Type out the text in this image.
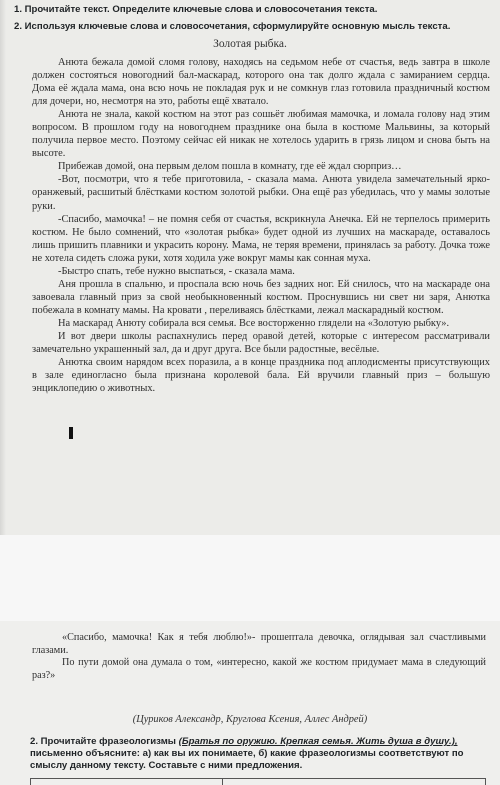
1. Прочитайте текст. Определите ключевые слова и словосочетания текста.
2. Используя ключевые слова и словосочетания, сформулируйте основную мысль текста.
Золотая рыбка.

Анюта бежала домой сломя голову, находясь на седьмом небе от счастья, ведь завтра в школе должен состояться новогодний бал-маскарад, которого она так долго ждала с замиранием сердца. Дома её ждала мама, она всю ночь не покладая рук и не сомкнув глаз готовила праздничный костюм для дочери, но, несмотря на это, работы ещё хватало.

Анюта не знала, какой костюм на этот раз сошьёт любимая мамочка, и ломала голову над этим вопросом. В прошлом году на новогоднем празднике она была в костюме Мальвины, за который получила первое место. Поэтому сейчас ей никак не хотелось ударить в грязь лицом и снова быть на высоте.

Прибежав домой, она первым делом пошла в комнату, где её ждал сюрприз…

-Вот, посмотри, что я тебе приготовила, - сказала мама. Анюта увидела замечательный ярко-оранжевый, расшитый блёстками костюм золотой рыбки. Она ещё раз убедилась, что у мамы золотые руки.

-Спасибо, мамочка! – не помня себя от счастья, вскрикнула Анечка. Ей не терпелось примерить костюм. Не было сомнений, что «золотая рыбка» будет одной из лучших на маскараде, оставалось лишь пришить плавники и украсить корону. Мама, не теряя времени, принялась за работу. Дочка тоже не хотела сидеть сложа руки, хотя ходила уже вокруг мамы как сонная муха.

-Быстро спать, тебе нужно выспаться, - сказала мама.

Аня прошла в спальню, и проспала всю ночь без задних ног. Ей снилось, что на маскараде она завоевала главный приз за свой необыкновенный костюм. Проснувшись ни свет ни заря, Анютка побежала в комнату мамы. На кровати , переливаясь блёстками, лежал маскарадный костюм.

На маскарад Анюту собирала вся семья. Все восторженно глядели на «Золотую рыбку».

И вот двери школы распахнулись перед оравой детей, которые с интересом рассматривали замечательно украшенный зал, да и друг друга. Все были радостные, весёлые.

Анютка своим нарядом всех поразила, а в конце праздника под аплодисменты присутствующих в зале единогласно была признана королевой бала. Ей вручили главный приз – большую энциклопедию о животных.

«Спасибо, мамочка! Как я тебя люблю!»- прошептала девочка, оглядывая зал счастливыми глазами.

По пути домой она думала о том, «интересно, какой же костюм придумает мама в следующий раз?»

(Цуриков Александр, Круглова Ксения, Аллес Андрей)
2. Прочитайте фразеологизмы (Братья по оружию. Крепкая семья. Жить душа в душу.), письменно объясните: а) как вы их понимаете, б) какие фразеологизмы соответствуют по смыслу данному тексту. Составьте с ними предложения.
